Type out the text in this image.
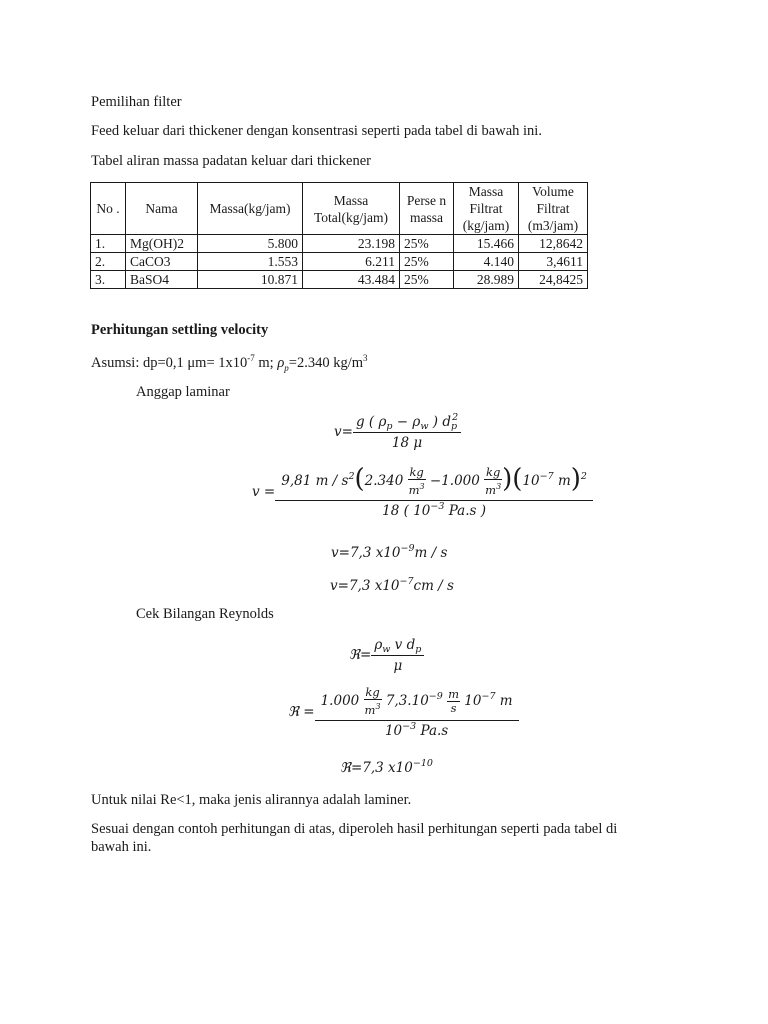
Pemilihan filter
Feed keluar dari thickener dengan konsentrasi seperti pada tabel di bawah ini.
Tabel aliran massa padatan keluar dari thickener
No .	Nama	Massa(kg/jam)	Massa Total(kg/jam)	Perse n massa	Massa Filtrat (kg/jam)	Volume Filtrat (m3/jam)
1.	Mg(OH)2	5.800	23.198	25%	15.466	12,8642
2.	CaCO3	1.553	6.211	25%	4.140	3,4611
3.	BaSO4	10.871	43.484	25%	28.989	24,8425
Perhitungan settling velocity
Asumsi: dp=0,1 $\mu m= 1x10^{-7}$ m; $\rho_p=2.340$ $kg/m^3$
Anggap laminar
$v= \frac{g ( \rho_p - \rho_w ) d_p^2}{18 \mu}$
$v = \frac{9,81 m / s^2(2.340 \frac{kg}{m^3} -1.000 \frac{kg}{m^3} )(10^{-7} m)^2}{18 ( 10^{-3} Pa.s )}$
v=7,3 $x10^{-9}m$ / s
v=7,3 $x10^{-7}cm$ / s
Cek Bilangan Reynolds
ℜ= $\frac{\rho_w v d_p}{\mu}$
ℜ = $\frac{1.000 \frac{kg}{m^3} 7,3.10^{-9} \frac{m}{s} 10^{-7} m}{10^{-3} Pa.s}$
ℜ=7,3 $x10^{-10}$
Untuk nilai Re<1, maka jenis alirannya adalah laminer.
Sesuai dengan contoh perhitungan di atas, diperoleh hasil perhitungan seperti pada tabel di
bawah ini.
